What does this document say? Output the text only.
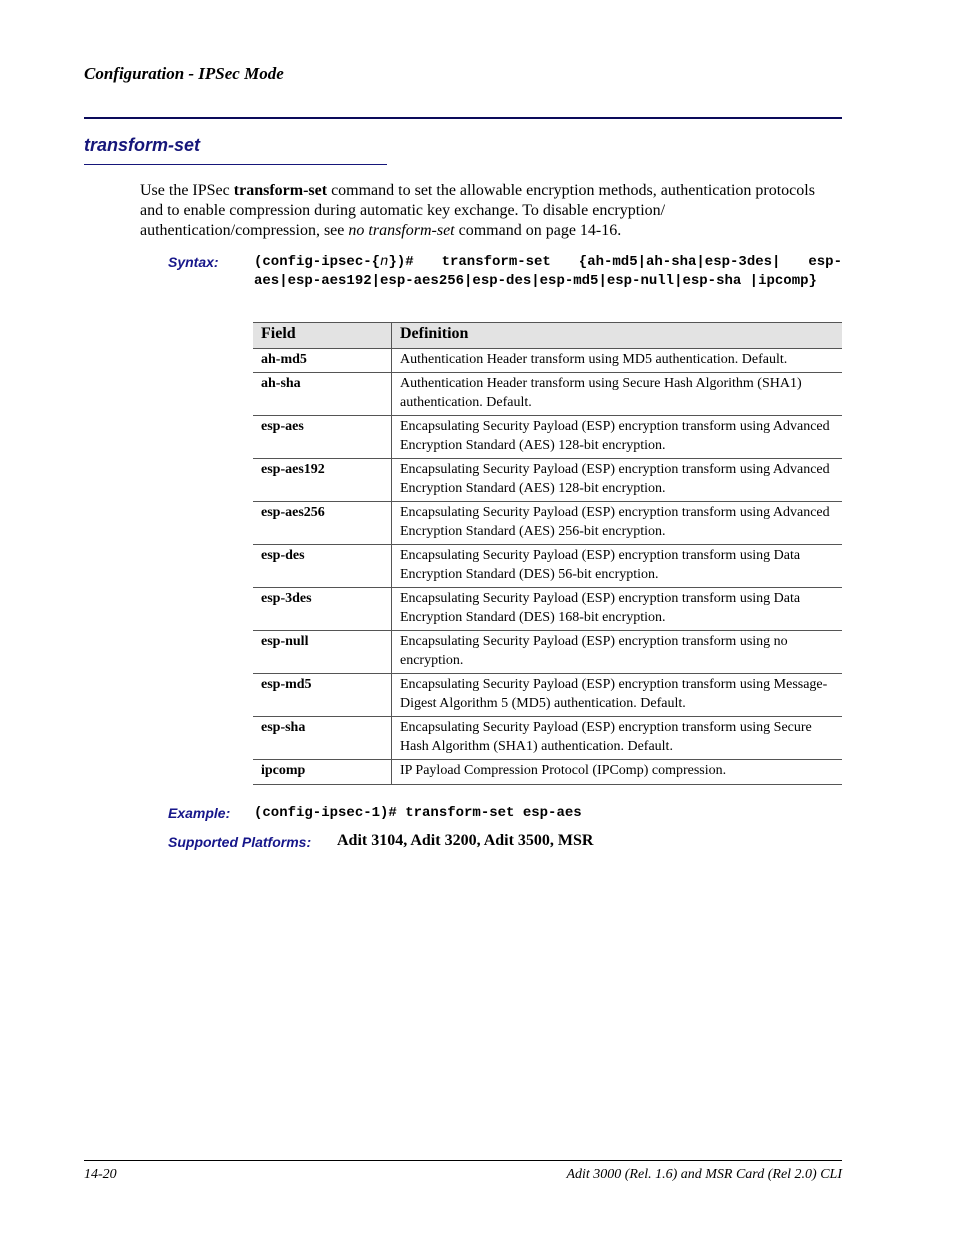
Configuration - IPSec Mode
transform-set

Use the IPSec transform-set command to set the allowable encryption methods, authentication protocols and to enable compression during automatic key exchange. To disable encryption/ authentication/compression, see no transform-set command on page 14-16.

Syntax:	(config-ipsec-{n})# transform-set {ah-md5|ah-sha|esp-3des| esp-aes|esp-aes192|esp-aes256|esp-des|esp-md5|esp-null|esp-sha |ipcomp}
Field	Definition
ah-md5	Authentication Header transform using MD5 authentication. Default.
ah-sha	Authentication Header transform using Secure Hash Algorithm (SHA1) authentication. Default.
esp-aes	Encapsulating Security Payload (ESP) encryption transform using Advanced Encryption Standard (AES) 128-bit encryption.
esp-aes192	Encapsulating Security Payload (ESP) encryption transform using Advanced Encryption Standard (AES) 128-bit encryption.
esp-aes256	Encapsulating Security Payload (ESP) encryption transform using Advanced Encryption Standard (AES) 256-bit encryption.
esp-des	Encapsulating Security Payload (ESP) encryption transform using Data Encryption Standard (DES) 56-bit encryption.
esp-3des	Encapsulating Security Payload (ESP) encryption transform using Data Encryption Standard (DES) 168-bit encryption.
esp-null	Encapsulating Security Payload (ESP) encryption transform using no encryption.
esp-md5	Encapsulating Security Payload (ESP) encryption transform using Message-Digest Algorithm 5 (MD5) authentication. Default.
esp-sha	Encapsulating Security Payload (ESP) encryption transform using Secure Hash Algorithm (SHA1) authentication. Default.
ipcomp	IP Payload Compression Protocol (IPComp) compression.
Example: (config-ipsec-1)# transform-set esp-aes
Supported Platforms: Adit 3104, Adit 3200, Adit 3500, MSR
14-20	Adit 3000 (Rel. 1.6) and MSR Card (Rel 2.0) CLI
